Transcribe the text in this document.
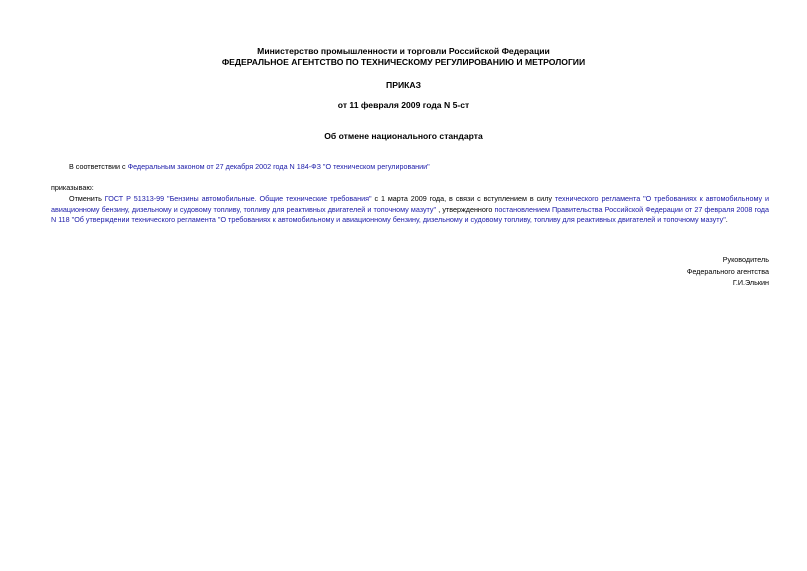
Министерство промышленности и торговли Российской Федерации
ФЕДЕРАЛЬНОЕ АГЕНТСТВО ПО ТЕХНИЧЕСКОМУ РЕГУЛИРОВАНИЮ И МЕТРОЛОГИИ
ПРИКАЗ
от 11 февраля 2009 года N 5-ст
Об отмене национального стандарта
В соответствии с Федеральным законом от 27 декабря 2002 года N 184-ФЗ "О техническом регулировании"
приказываю:
Отменить ГОСТ Р 51313-99 "Бензины автомобильные. Общие технические требования" с 1 марта 2009 года, в связи с вступлением в силу технического регламента "О требованиях к автомобильному и авиационному бензину, дизельному и судовому топливу, топливу для реактивных двигателей и топочному мазуту" , утвержденного постановлением Правительства Российской Федерации от 27 февраля 2008 года N 118 "Об утверждении технического регламента "О требованиях к автомобильному и авиационному бензину, дизельному и судовому топливу, топливу для реактивных двигателей и топочному мазуту".
Руководитель
Федерального агентства
Г.И.Элькин
